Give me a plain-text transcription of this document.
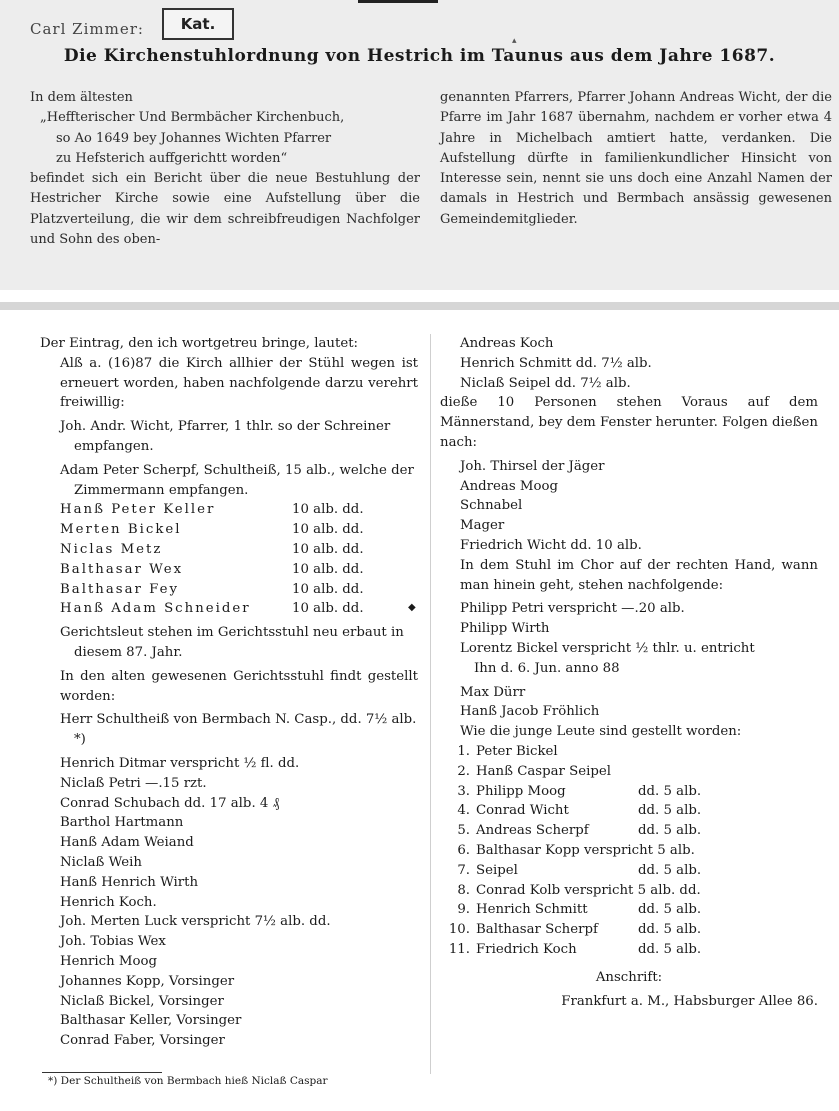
Carl Zimmer:	Kat.
▴
Die Kirchenstuhlordnung von Hestrich im Taunus aus dem Jahre 1687.

In dem ältesten

„Heffterischer Und Bermbächer Kirchenbuch,

so Ao 1649 bey Johannes Wichten Pfarrer

zu Hefsterich auffgerichtt worden“

befindet sich ein Bericht über die neue Bestuhlung der Hestricher Kirche sowie eine Aufstellung über die Platzverteilung, die wir dem schreibfreudigen Nachfolger und Sohn des oben-

genannten Pfarrers, Pfarrer Johann Andreas Wicht, der die Pfarre im Jahr 1687 übernahm, nachdem er vorher etwa 4 Jahre in Michelbach amtiert hatte, verdanken. Die Aufstellung dürfte in familienkundlicher Hinsicht von Interesse sein, nennt sie uns doch eine Anzahl Namen der damals in Hestrich und Bermbach ansässig gewesenen Gemeindemitglieder.

Der Eintrag, den ich wortgetreu bringe, lautet:
Alß a. (16)87 die Kirch allhier der Stühl wegen ist erneuert worden, haben nachfolgende darzu verehrt freiwillig:
Joh. Andr. Wicht, Pfarrer, 1 thlr. so der Schreiner empfangen.
Adam Peter Scherpf, Schultheiß, 15 alb., welche der Zimmermann empfangen.
Hanß Peter Keller	10 alb. dd.
Merten Bickel	10 alb. dd.
Niclas Metz	10 alb. dd.
Balthasar Wex	10 alb. dd.
Balthasar Fey	10 alb. dd.
Hanß Adam Schneider	10 alb. dd.
Gerichtsleut stehen im Gerichtsstuhl neu erbaut in diesem 87. Jahr.
In den alten gewesenen Gerichtsstuhl findt gestellt worden:
Herr Schultheiß von Bermbach N. Casp., dd. 7½ alb. *)
Henrich Ditmar verspricht ½ fl. dd.
Niclaß Petri —.15 rzt.
Conrad Schubach dd. 17 alb. 4 ₰
Barthol Hartmann
Hanß Adam Weiand
Niclaß Weih
Hanß Henrich Wirth
Henrich Koch.
Joh. Merten Luck verspricht 7½ alb. dd.
Joh. Tobias Wex
Henrich Moog
Johannes Kopp, Vorsinger
Niclaß Bickel, Vorsinger
Balthasar Keller, Vorsinger
Conrad Faber, Vorsinger
◆
Andreas Koch
Henrich Schmitt dd. 7½ alb.
Niclaß Seipel dd. 7½ alb.
dieße 10 Personen stehen Voraus auf dem Männerstand, bey dem Fenster herunter. Folgen dießen nach:
Joh. Thirsel der Jäger
Andreas Moog
Schnabel
Mager
Friedrich Wicht dd. 10 alb.
In dem Stuhl im Chor auf der rechten Hand, wann man hinein geht, stehen nachfolgende:
Philipp Petri verspricht —.20 alb.
Philipp Wirth
Lorentz Bickel verspricht ½ thlr. u. entricht
Ihn d. 6. Jun. anno 88
Max Dürr
Hanß Jacob Fröhlich
Wie die junge Leute sind gestellt worden:
1. Peter Bickel
2. Hanß Caspar Seipel
3. Philipp Moog	dd. 5 alb.
4. Conrad Wicht	dd. 5 alb.
5. Andreas Scherpf	dd. 5 alb.
6. Balthasar Kopp verspricht 5 alb.
7. Seipel	dd. 5 alb.
8. Conrad Kolb verspricht 5 alb. dd.
9. Henrich Schmitt	dd. 5 alb.
10. Balthasar Scherpf	dd. 5 alb.
11. Friedrich Koch	dd. 5 alb.
Anschrift:
Frankfurt a. M., Habsburger Allee 86.
*) Der Schultheiß von Bermbach hieß Niclaß Caspar
